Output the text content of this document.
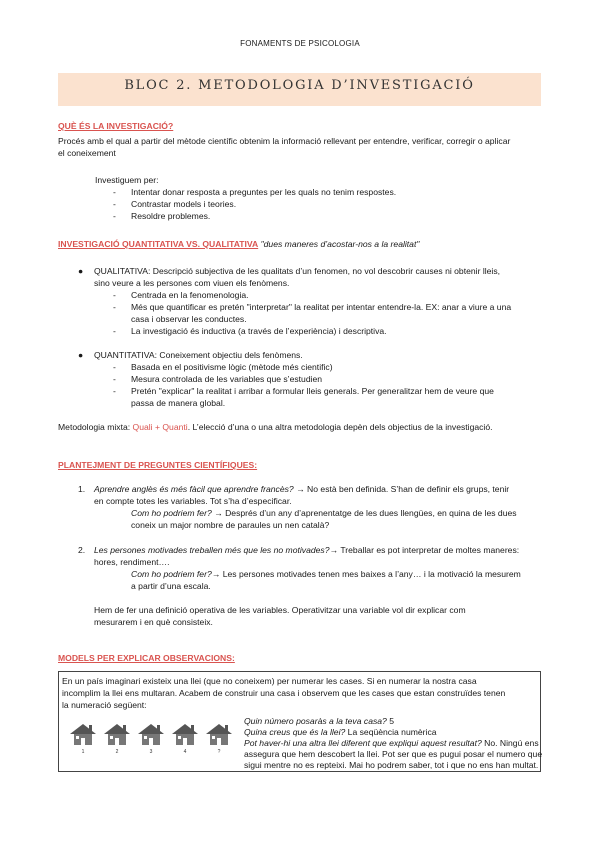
FONAMENTS DE PSICOLOGIA
BLOC 2. METODOLOGIA D’INVESTIGACIÓ
QUÈ ÉS LA INVESTIGACIÓ?
Procés amb el qual a partir del mètode científic obtenim la informació rellevant per entendre, verificar, corregir o aplicar
el coneixement
Investiguem per:
- Intentar donar resposta a preguntes per les quals no tenim respostes.
- Contrastar models i teories.
- Resoldre problemes.
INVESTIGACIÓ QUANTITATIVA VS. QUALITATIVA "dues maneres d’acostar-nos a la realitat"
● QUALITATIVA: Descripció subjectiva de les qualitats d’un fenomen, no vol descobrir causes ni obtenir lleis,
sino veure a les persones com viuen els fenòmens.
- Centrada en la fenomenologia.
- Més que quantificar es pretén "interpretar" la realitat per intentar entendre-la. EX: anar a viure a una
casa i observar les conductes.
- La investigació és inductiva (a través de l’experiència) i descriptiva.
● QUANTITATIVA: Coneixement objectiu dels fenòmens.
- Basada en el positivisme lògic (mètode més cientific)
- Mesura controlada de les variables que s’estudien
- Pretén "explicar" la realitat i arribar a formular lleis generals. Per generalitzar hem de veure que
passa de manera global.
Metodologia mixta: Quali + Quanti. L’elecció d’una o una altra metodologia depèn dels objectius de la investigació.
PLANTEJMENT DE PREGUNTES CIENTÍFIQUES:
1. Aprendre anglès és més fàcil que aprendre francès? → No està ben definida. S’han de definir els grups, tenir
en compte totes les variables. Tot s’ha d’especificar.
Com ho podriem fer? → Després d’un any d’aprenentatge de les dues llengües, en quina de les dues
coneix un major nombre de paraules un nen català?
2. Les persones motivades treballen més que les no motivades?→ Treballar es pot interpretar de moltes maneres:
hores, rendiment….
Com ho podriem fer?→ Les persones motivades tenen mes baixes a l’any… i la motivació la mesurem
a partir d’una escala.
Hem de fer una definició operativa de les variables. Operativitzar una variable vol dir explicar com
mesurarem i en què consisteix.
MODELS PER EXPLICAR OBSERVACIONS:
En un país imaginari existeix una llei (que no coneixem) per numerar les cases. Si en numerar la nostra casa
incomplim la llei ens multaran. Acabem de construir una casa i observem que les cases que estan construïdes tenen
la numeració següent:
1	2	3	4	?
Quin número posaràs a la teva casa? 5
Quina creus que és la llei? La seqüència numèrica
Pot haver-hi una altra llei diferent que expliqui aquest resultat? No. Ningú ens
assegura que hem descobert la llei. Pot ser que es pugui posar el numero que
sigui mentre no es repteixi. Mai ho podrem saber, tot i que no ens han multat.
